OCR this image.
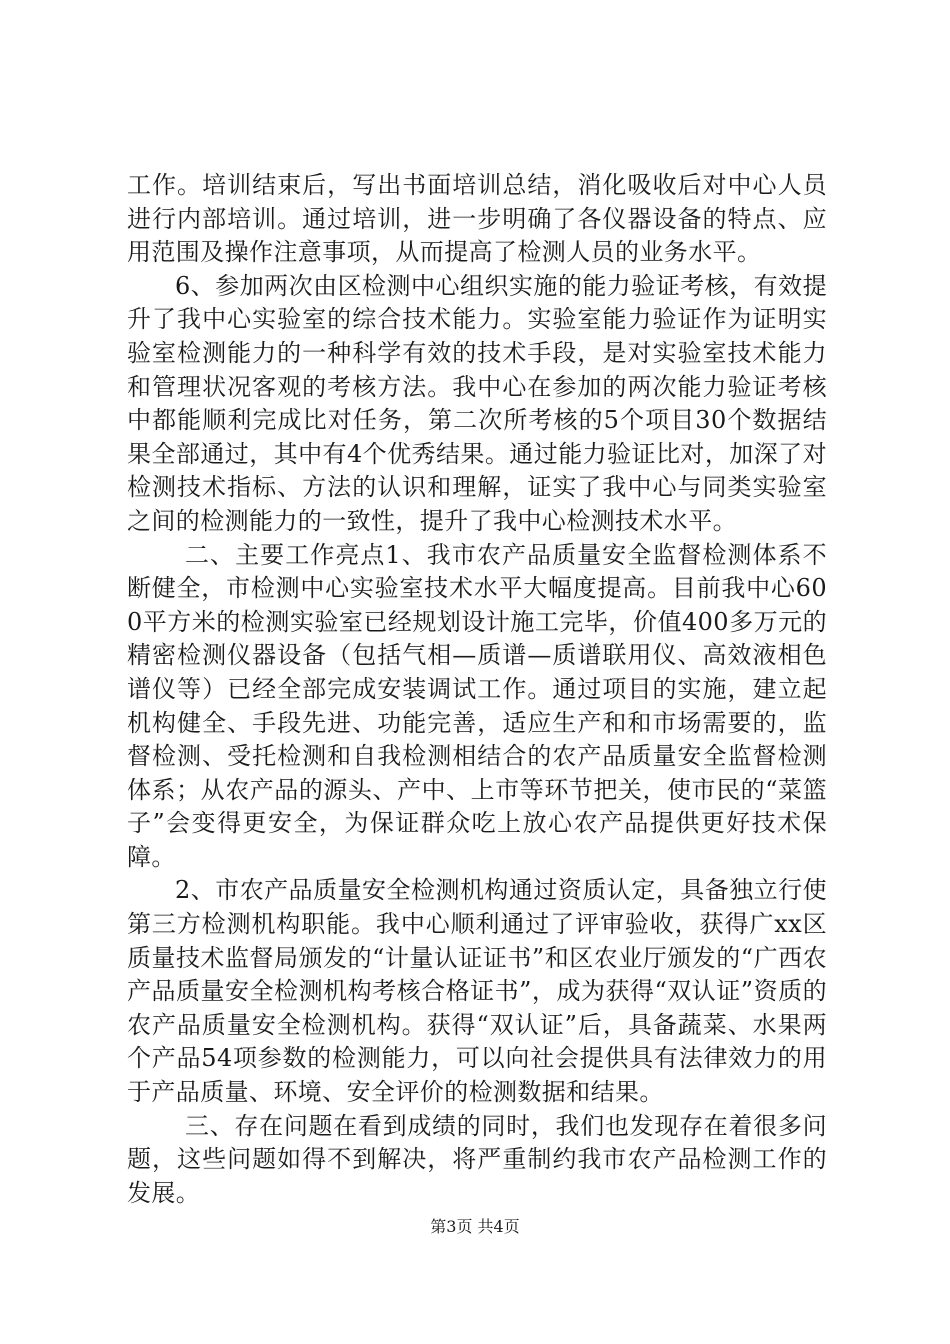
工作。培训结束后，写出书面培训总结，消化吸收后对中心人员进行内部培训。通过培训，进一步明确了各仪器设备的特点、应用范围及操作注意事项，从而提高了检测人员的业务水平。

6、参加两次由区检测中心组织实施的能力验证考核，有效提升了我中心实验室的综合技术能力。实验室能力验证作为证明实验室检测能力的一种科学有效的技术手段，是对实验室技术能力和管理状况客观的考核方法。我中心在参加的两次能力验证考核中都能顺利完成比对任务，第二次所考核的5个项目30个数据结果全部通过，其中有4个优秀结果。通过能力验证比对，加深了对检测技术指标、方法的认识和理解，证实了我中心与同类实验室之间的检测能力的一致性，提升了我中心检测技术水平。

二、主要工作亮点1、我市农产品质量安全监督检测体系不断健全，市检测中心实验室技术水平大幅度提高。目前我中心600平方米的检测实验室已经规划设计施工完毕，价值400多万元的精密检测仪器设备（包括气相—质谱—质谱联用仪、高效液相色谱仪等）已经全部完成安装调试工作。通过项目的实施，建立起机构健全、手段先进、功能完善，适应生产和和市场需要的，监督检测、受托检测和自我检测相结合的农产品质量安全监督检测体系；从农产品的源头、产中、上市等环节把关，使市民的“菜篮子”会变得更安全，为保证群众吃上放心农产品提供更好技术保障。

2、市农产品质量安全检测机构通过资质认定，具备独立行使第三方检测机构职能。我中心顺利通过了评审验收，获得广xx区质量技术监督局颁发的“计量认证证书”和区农业厅颁发的“广西农产品质量安全检测机构考核合格证书”，成为获得“双认证”资质的农产品质量安全检测机构。获得“双认证”后，具备蔬菜、水果两个产品54项参数的检测能力，可以向社会提供具有法律效力的用于产品质量、环境、安全评价的检测数据和结果。

三、存在问题在看到成绩的同时，我们也发现存在着很多问题，这些问题如得不到解决，将严重制约我市农产品检测工作的发展。

第3页 共4页
